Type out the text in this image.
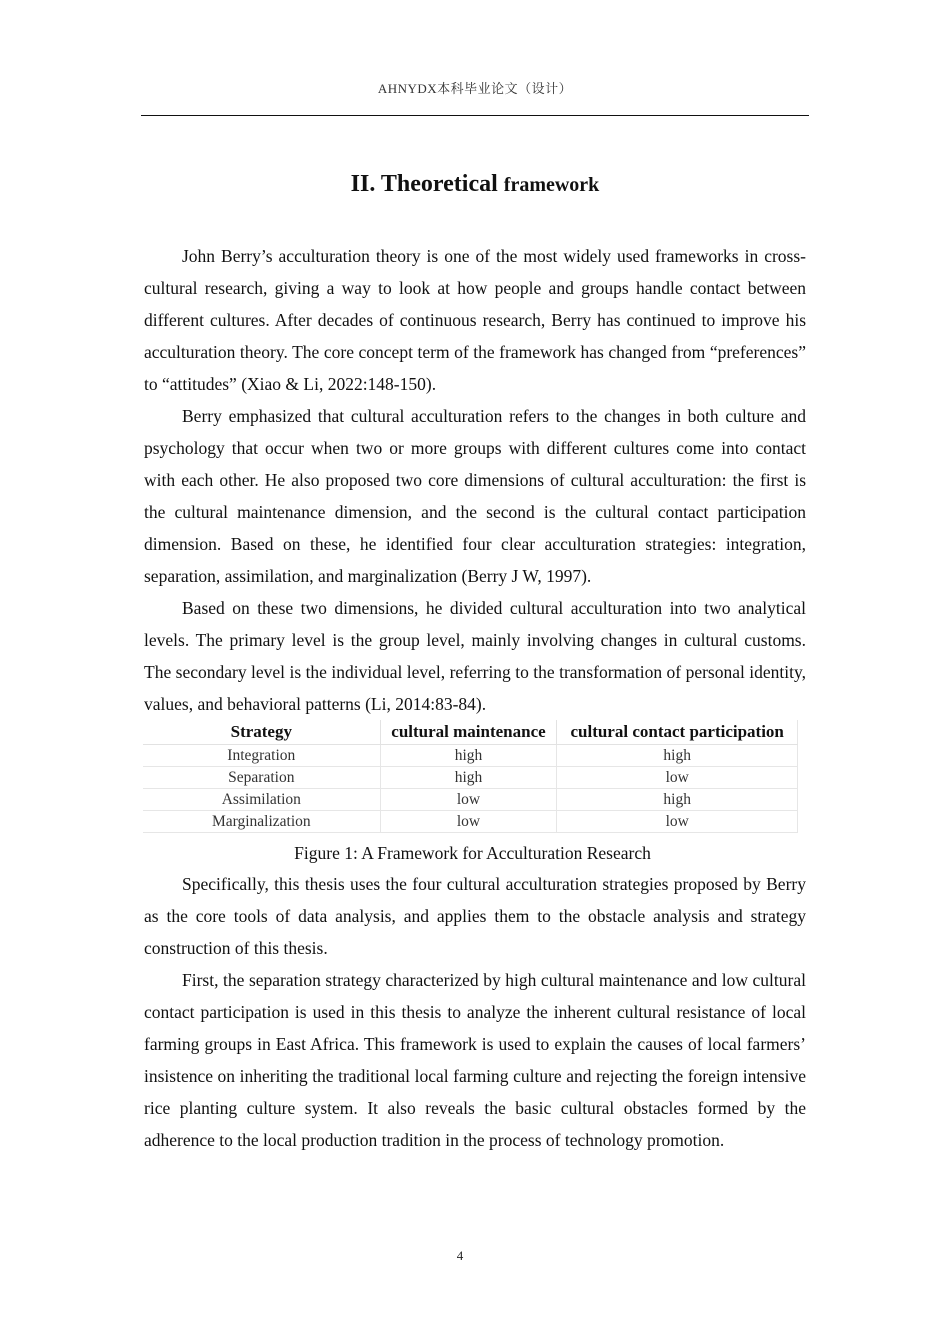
AHNYDX本科毕业论文（设计）
II. Theoretical framework

John Berry’s acculturation theory is one of the most widely used frameworks in cross-cultural research, giving a way to look at how people and groups handle contact between different cultures. After decades of continuous research, Berry has continued to improve his acculturation theory. The core concept term of the framework has changed from “preferences” to “attitudes” (Xiao & Li, 2022:148-150).

Berry emphasized that cultural acculturation refers to the changes in both culture and psychology that occur when two or more groups with different cultures come into contact with each other. He also proposed two core dimensions of cultural acculturation: the first is the cultural maintenance dimension, and the second is the cultural contact participation dimension. Based on these, he identified four clear acculturation strategies: integration, separation, assimilation, and marginalization (Berry J W, 1997).

Based on these two dimensions, he divided cultural acculturation into two analytical levels. The primary level is the group level, mainly involving changes in cultural customs. The secondary level is the individual level, referring to the transformation of personal identity, values, and behavioral patterns (Li, 2014:83-84).

Strategy	cultural maintenance	cultural contact participation
Integration	high	high
Separation	high	low
Assimilation	low	high
Marginalization	low	low
Figure 1: A Framework for Acculturation Research

Specifically, this thesis uses the four cultural acculturation strategies proposed by Berry as the core tools of data analysis, and applies them to the obstacle analysis and strategy construction of this thesis.

First, the separation strategy characterized by high cultural maintenance and low cultural contact participation is used in this thesis to analyze the inherent cultural resistance of local farming groups in East Africa. This framework is used to explain the causes of local farmers’ insistence on inheriting the traditional local farming culture and rejecting the foreign intensive rice planting culture system. It also reveals the basic cultural obstacles formed by the adherence to the local production tradition in the process of technology promotion.

4
